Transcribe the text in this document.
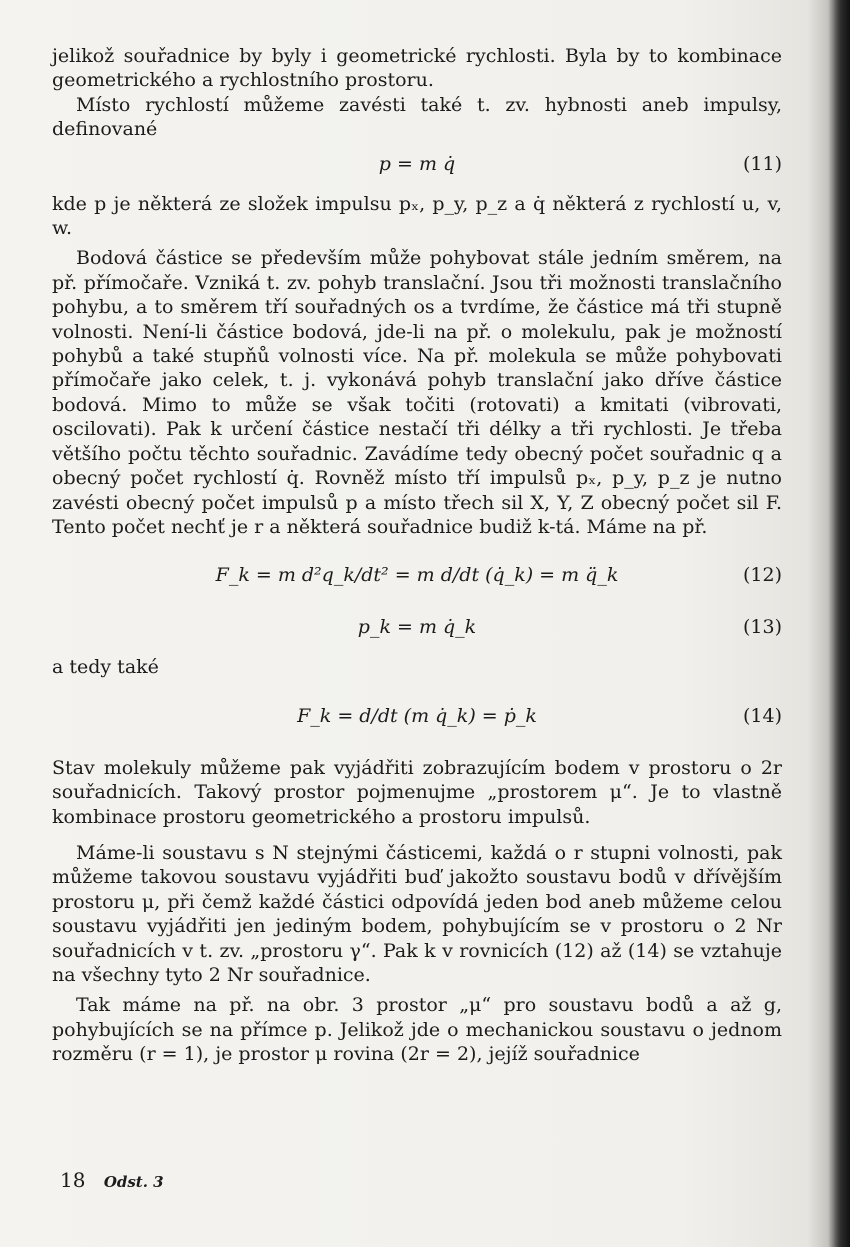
jelikož souřadnice by byly i geometrické rychlosti. Byla by to kombinace geometrického a rychlostního prostoru.

Místo rychlostí můžeme zavésti také t. zv. hybnosti aneb impulsy, definované

p = m q̇	(11)

kde p je některá ze složek impulsu pₓ, p_y, p_z a q̇ některá z rychlostí u, v, w.

Bodová částice se především může pohybovat stále jedním směrem, na př. přímočaře. Vzniká t. zv. pohyb translační. Jsou tři možnosti translačního pohybu, a to směrem tří souřadných os a tvrdíme, že částice má tři stupně volnosti. Není-li částice bodová, jde-li na př. o molekulu, pak je možností pohybů a také stupňů volnosti více. Na př. molekula se může pohybovati přímočaře jako celek, t. j. vykonává pohyb translační jako dříve částice bodová. Mimo to může se však točiti (rotovati) a kmitati (vibrovati, oscilovati). Pak k určení částice nestačí tři délky a tři rychlosti. Je třeba většího počtu těchto souřadnic. Zavádíme tedy obecný počet souřadnic q a obecný počet rychlostí q̇. Rovněž místo tří impulsů pₓ, p_y, p_z je nutno zavésti obecný počet impulsů p a místo třech sil X, Y, Z obecný počet sil F. Tento počet nechť je r a některá souřadnice budiž k-tá. Máme na př.

F_k = m d²q_k/dt² = m d/dt (q̇_k) = m q̈_k	(12)
p_k = m q̇_k	(13)

a tedy také

F_k = d/dt (m q̇_k) = ṗ_k	(14)

Stav molekuly můžeme pak vyjádřiti zobrazujícím bodem v prostoru o 2r souřadnicích. Takový prostor pojmenujme „prostorem μ“. Je to vlastně kombinace prostoru geometrického a prostoru impulsů.

Máme-li soustavu s N stejnými částicemi, každá o r stupni volnosti, pak můžeme takovou soustavu vyjádřiti buď jakožto soustavu bodů v dřívějším prostoru μ, při čemž každé částici odpovídá jeden bod aneb můžeme celou soustavu vyjádřiti jen jediným bodem, pohybujícím se v prostoru o 2 Nr souřadnicích v t. zv. „prostoru γ“. Pak k v rovnicích (12) až (14) se vztahuje na všechny tyto 2 Nr souřadnice.

Tak máme na př. na obr. 3 prostor „μ“ pro soustavu bodů a až g, pohybujících se na přímce p. Jelikož jde o mechanickou soustavu o jednom rozměru (r = 1), je prostor μ rovina (2r = 2), jejíž souřadnice

18 Odst. 3
